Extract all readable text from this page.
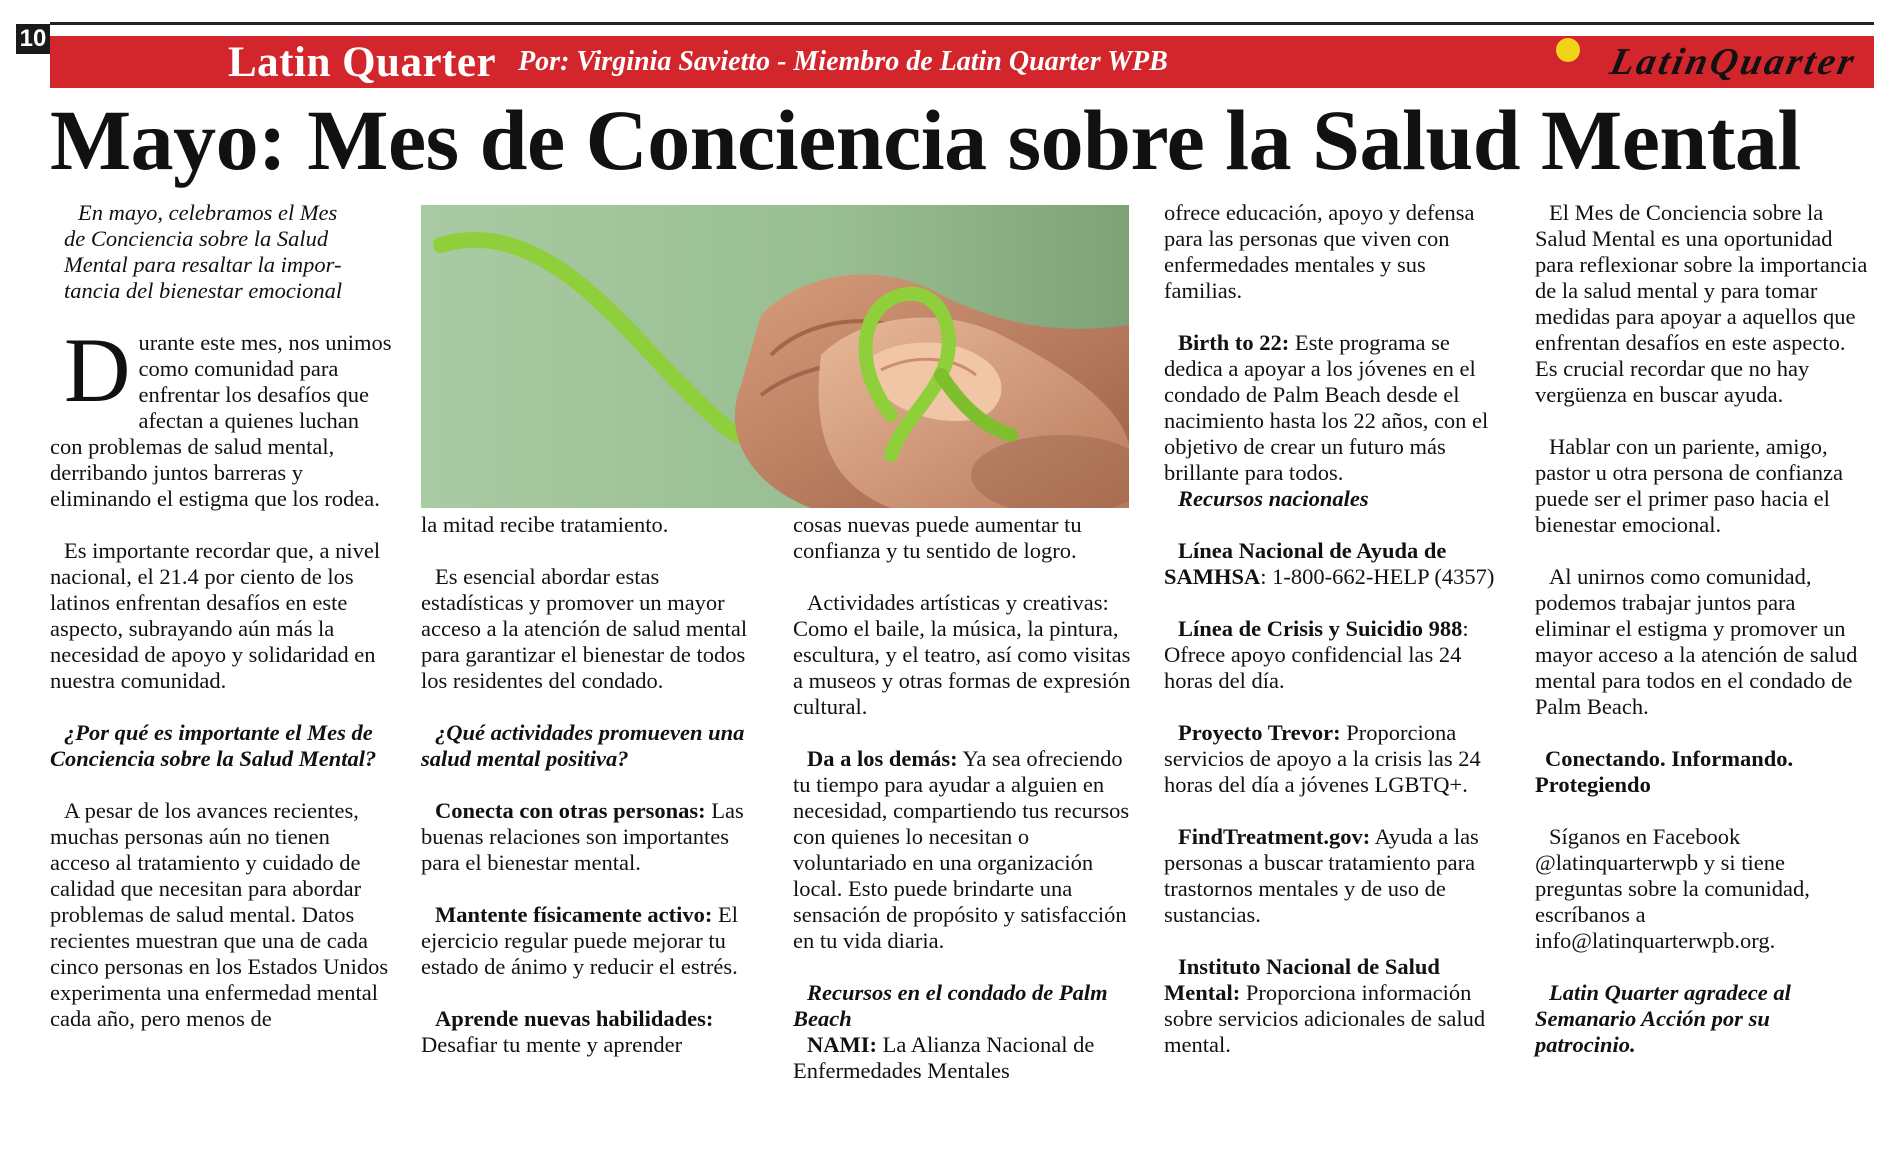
10	Latin Quarter Por: Virginia Savietto - Miembro de Latin Quarter WPB	LatinQuarter
Mayo: Mes de Conciencia sobre la Salud Mental

En mayo, celebramos el Mes
de Conciencia sobre la Salud
Mental para resaltar la impor-
tancia del bienestar emocional

Durante este mes, nos unimos como comunidad para enfrentar los desafíos que afectan a quienes luchan con problemas de salud mental, derribando juntos barreras y eliminando el estigma que los rodea.

Es importante recordar que, a nivel nacional, el 21.4 por ciento de los latinos enfrentan desafíos en este aspecto, subrayando aún más la necesidad de apoyo y solidaridad en nuestra comunidad.

¿Por qué es importante el Mes de Conciencia sobre la Salud Mental?

A pesar de los avances recientes, muchas personas aún no tienen acceso al tratamiento y cuidado de calidad que necesitan para abordar problemas de salud mental. Datos recientes muestran que una de cada cinco personas en los Estados Unidos experimenta una enfermedad mental cada año, pero menos de

la mitad recibe tratamiento.

Es esencial abordar estas estadísticas y promover un mayor acceso a la atención de salud mental para garantizar el bienestar de todos los residentes del condado.

¿Qué actividades promueven una salud mental positiva?

Conecta con otras personas: Las buenas relaciones son importantes para el bienestar mental.

Mantente físicamente activo: El ejercicio regular puede mejorar tu estado de ánimo y reducir el estrés.

Aprende nuevas habilidades: Desafiar tu mente y aprender

cosas nuevas puede aumentar tu confianza y tu sentido de logro.

Actividades artísticas y creativas: Como el baile, la música, la pintura, escultura, y el teatro, así como visitas a museos y otras formas de expresión cultural.

Da a los demás: Ya sea ofreciendo tu tiempo para ayudar a alguien en necesidad, compartiendo tus recursos con quienes lo necesitan o voluntariado en una organización local. Esto puede brindarte una sensación de propósito y satisfacción en tu vida diaria.

Recursos en el condado de Palm Beach

NAMI: La Alianza Nacional de Enfermedades Mentales

ofrece educación, apoyo y defensa para las personas que viven con enfermedades mentales y sus familias.

Birth to 22: Este programa se dedica a apoyar a los jóvenes en el condado de Palm Beach desde el nacimiento hasta los 22 años, con el objetivo de crear un futuro más brillante para todos.

Recursos nacionales

Línea Nacional de Ayuda de SAMHSA: 1-800-662-HELP (4357)

Línea de Crisis y Suicidio 988: Ofrece apoyo confidencial las 24 horas del día.

Proyecto Trevor: Proporciona servicios de apoyo a la crisis las 24 horas del día a jóvenes LGBTQ+.

FindTreatment.gov: Ayuda a las personas a buscar tratamiento para trastornos mentales y de uso de sustancias.

Instituto Nacional de Salud Mental: Proporciona información sobre servicios adicionales de salud mental.

El Mes de Conciencia sobre la Salud Mental es una oportunidad para reflexionar sobre la importancia de la salud mental y para tomar medidas para apoyar a aquellos que enfrentan desafíos en este aspecto. Es crucial recordar que no hay vergüenza en buscar ayuda.

Hablar con un pariente, amigo, pastor u otra persona de confianza puede ser el primer paso hacia el bienestar emocional.

Al unirnos como comunidad, podemos trabajar juntos para eliminar el estigma y promover un mayor acceso a la atención de salud mental para todos en el condado de Palm Beach.

Conectando. Informando. Protegiendo

Síganos en Facebook @latinquarterwpb y si tiene preguntas sobre la comunidad, escríbanos a info@latinquarterwpb.org.

Latin Quarter agradece al Semanario Acción por su patrocinio.
